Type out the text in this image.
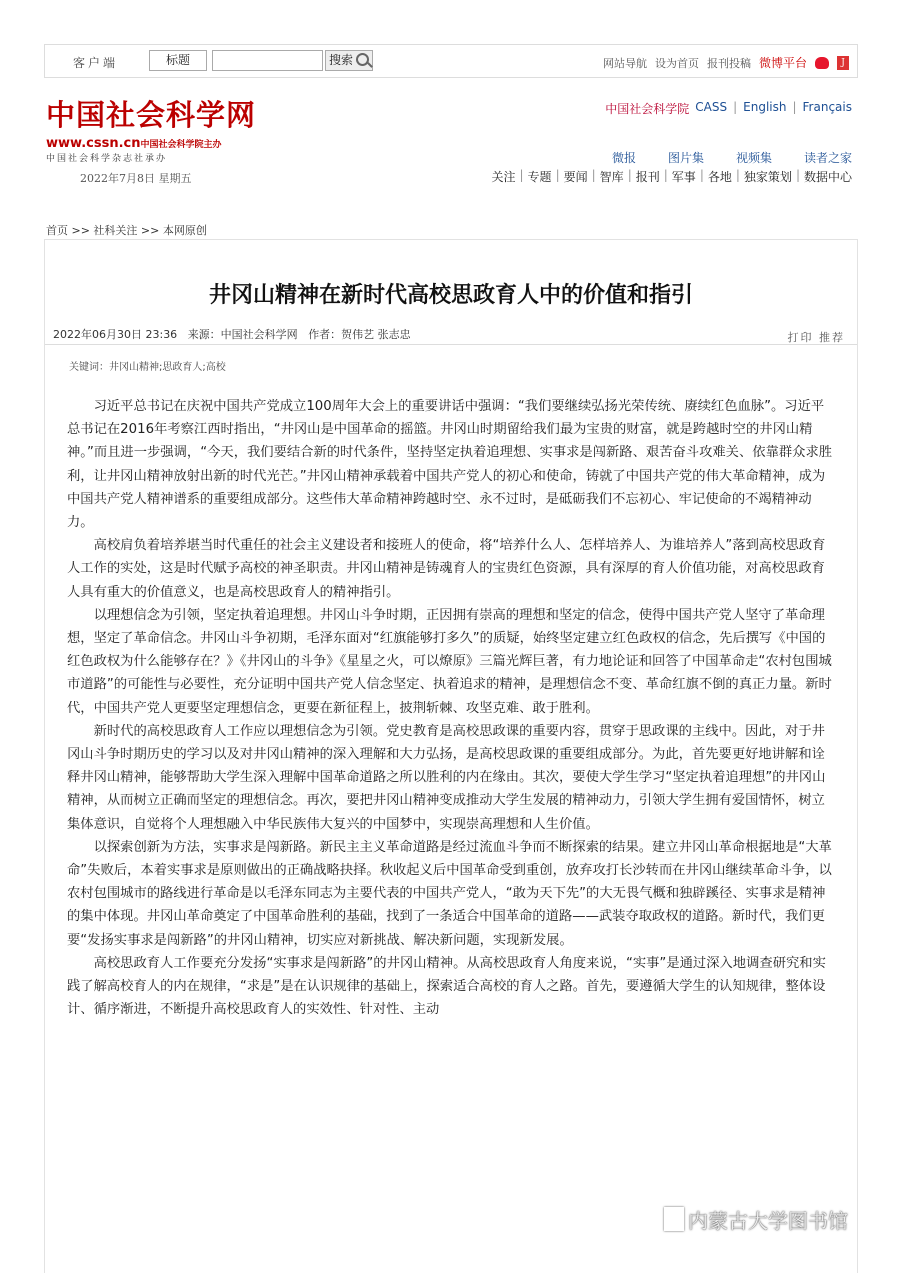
客户端	标题	搜索	网站导航 设为首页 报刊投稿 微博平台	J
中国社会科学网
www.cssn.cn中国社会科学院主办
中国社会科学杂志社承办
2022年7月8日 星期五
中国社会科学院 CASS | English | Français
微报	图片集	视频集	读者之家
关注 | 专题 | 要闻 | 智库 | 报刊 | 军事 | 各地 | 独家策划 | 数据中心
首页 >> 社科关注 >> 本网原创
井冈山精神在新时代高校思政育人中的价值和指引
2022年06月30日 23:36 来源：中国社会科学网 作者：贺伟艺 张志忠	打印 推荐
关键词：井冈山精神;思政育人;高校

习近平总书记在庆祝中国共产党成立100周年大会上的重要讲话中强调：“我们要继续弘扬光荣传统、赓续红色血脉”。习近平总书记在2016年考察江西时指出，“井冈山是中国革命的摇篮。井冈山时期留给我们最为宝贵的财富，就是跨越时空的井冈山精神。”而且进一步强调，“今天，我们要结合新的时代条件，坚持坚定执着追理想、实事求是闯新路、艰苦奋斗攻难关、依靠群众求胜利，让井冈山精神放射出新的时代光芒。”井冈山精神承载着中国共产党人的初心和使命，铸就了中国共产党的伟大革命精神，成为中国共产党人精神谱系的重要组成部分。这些伟大革命精神跨越时空、永不过时，是砥砺我们不忘初心、牢记使命的不竭精神动力。

高校肩负着培养堪当时代重任的社会主义建设者和接班人的使命，将“培养什么人、怎样培养人、为谁培养人”落到高校思政育人工作的实处，这是时代赋予高校的神圣职责。井冈山精神是铸魂育人的宝贵红色资源，具有深厚的育人价值功能，对高校思政育人具有重大的价值意义，也是高校思政育人的精神指引。

以理想信念为引领，坚定执着追理想。井冈山斗争时期，正因拥有崇高的理想和坚定的信念，使得中国共产党人坚守了革命理想，坚定了革命信念。井冈山斗争初期，毛泽东面对“红旗能够打多久”的质疑，始终坚定建立红色政权的信念，先后撰写《中国的红色政权为什么能够存在？》《井冈山的斗争》《星星之火，可以燎原》三篇光辉巨著，有力地论证和回答了中国革命走“农村包围城市道路”的可能性与必要性，充分证明中国共产党人信念坚定、执着追求的精神，是理想信念不变、革命红旗不倒的真正力量。新时代，中国共产党人更要坚定理想信念，更要在新征程上，披荆斩棘、攻坚克难、敢于胜利。

新时代的高校思政育人工作应以理想信念为引领。党史教育是高校思政课的重要内容，贯穿于思政课的主线中。因此，对于井冈山斗争时期历史的学习以及对井冈山精神的深入理解和大力弘扬，是高校思政课的重要组成部分。为此，首先要更好地讲解和诠释井冈山精神，能够帮助大学生深入理解中国革命道路之所以胜利的内在缘由。其次，要使大学生学习“坚定执着追理想”的井冈山精神，从而树立正确而坚定的理想信念。再次，要把井冈山精神变成推动大学生发展的精神动力，引领大学生拥有爱国情怀，树立集体意识，自觉将个人理想融入中华民族伟大复兴的中国梦中，实现崇高理想和人生价值。

以探索创新为方法，实事求是闯新路。新民主主义革命道路是经过流血斗争而不断探索的结果。建立井冈山革命根据地是“大革命”失败后，本着实事求是原则做出的正确战略抉择。秋收起义后中国革命受到重创，放弃攻打长沙转而在井冈山继续革命斗争，以农村包围城市的路线进行革命是以毛泽东同志为主要代表的中国共产党人，“敢为天下先”的大无畏气概和独辟蹊径、实事求是精神的集中体现。井冈山革命奠定了中国革命胜利的基础，找到了一条适合中国革命的道路——武装夺取政权的道路。新时代，我们更要“发扬实事求是闯新路”的井冈山精神，切实应对新挑战、解决新问题，实现新发展。

高校思政育人工作要充分发扬“实事求是闯新路”的井冈山精神。从高校思政育人角度来说，“实事”是通过深入地调查研究和实践了解高校育人的内在规律，“求是”是在认识规律的基础上，探索适合高校的育人之路。首先，要遵循大学生的认知规律，整体设计、循序渐进，不断提升高校思政育人的实效性、针对性、主动

内蒙古大学图书馆
